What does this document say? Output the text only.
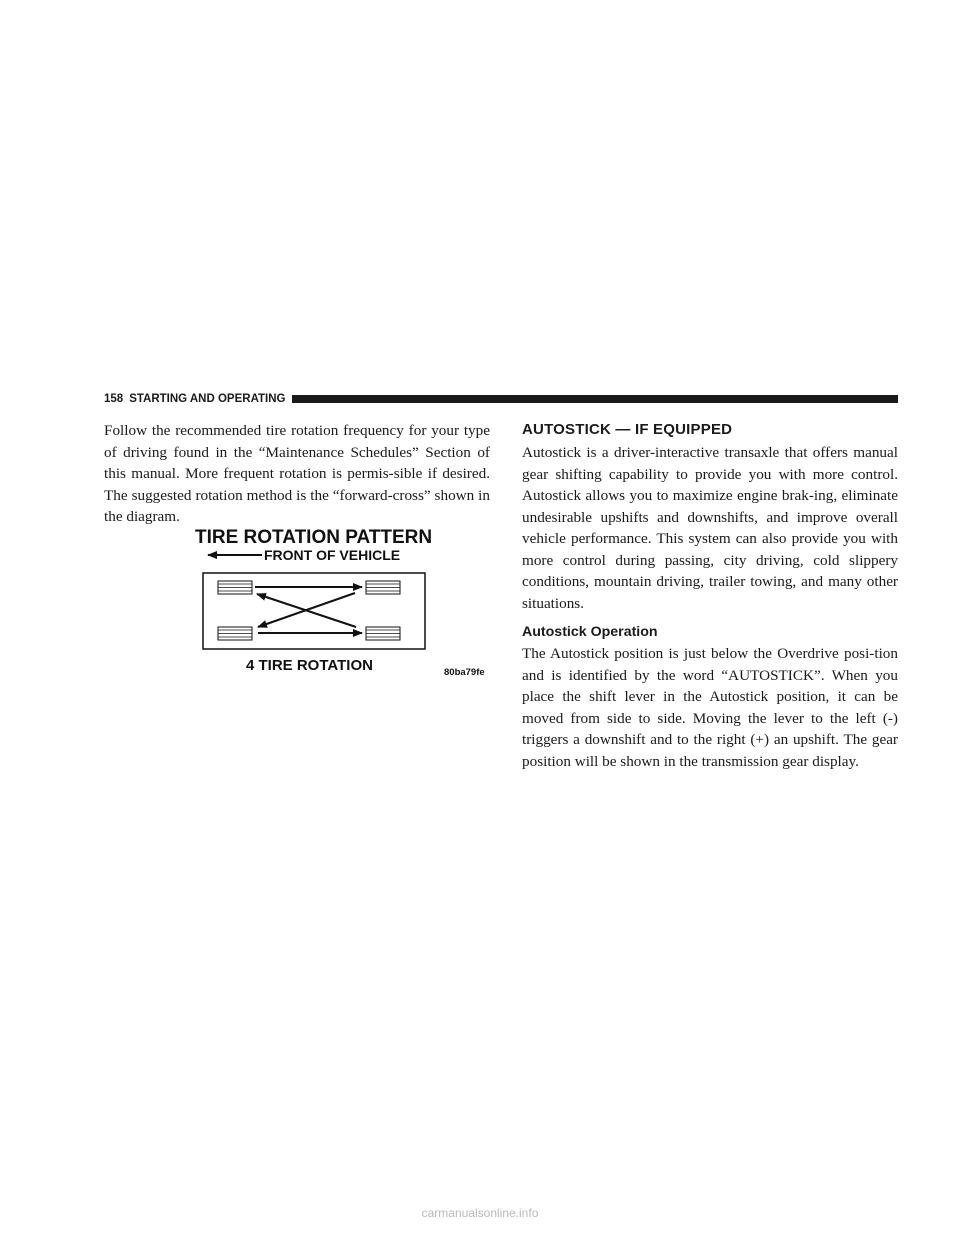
158 STARTING AND OPERATING

Follow the recommended tire rotation frequency for your type of driving found in the “Maintenance Schedules” Section of this manual. More frequent rotation is permis-sible if desired. The suggested rotation method is the “forward-cross” shown in the diagram.

TIRE ROTATION PATTERN
FRONT OF VEHICLE
4 TIRE ROTATION	80ba79fe
AUTOSTICK — IF EQUIPPED

Autostick is a driver-interactive transaxle that offers manual gear shifting capability to provide you with more control. Autostick allows you to maximize engine brak-ing, eliminate undesirable upshifts and downshifts, and improve overall vehicle performance. This system can also provide you with more control during passing, city driving, cold slippery conditions, mountain driving, trailer towing, and many other situations.

Autostick Operation

The Autostick position is just below the Overdrive posi-tion and is identified by the word “AUTOSTICK”. When you place the shift lever in the Autostick position, it can be moved from side to side. Moving the lever to the left (-) triggers a downshift and to the right (+) an upshift. The gear position will be shown in the transmission gear display.

carmanualsonline.info
